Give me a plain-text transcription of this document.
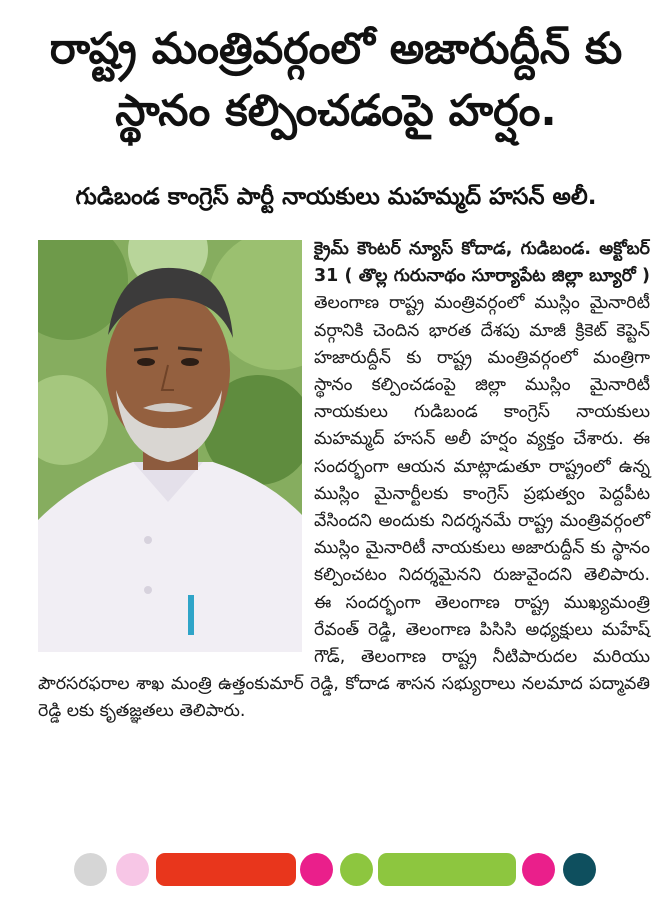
రాష్ట్ర మంత్రివర్గంలో అజారుద్దీన్ కు
స్థానం కల్పించడంపై హర్షం.
గుడిబండ కాంగ్రెస్ పార్టీ నాయకులు మహమ్మద్ హసన్ అలీ.
క్రైమ్ కౌంటర్ న్యూస్ కోదాడ, గుడిబండ. అక్టోబర్ 31 ( తొల్ల గురునాథం సూర్యాపేట జిల్లా బ్యూరో ) తెలంగాణ రాష్ట్ర మంత్రివర్గంలో ముస్లిం మైనారిటీ వర్గానికి చెందిన భారత దేశపు మాజీ క్రికెట్ కెప్టెన్ హజారుద్దీన్ కు రాష్ట్ర మంత్రివర్గంలో మంత్రిగా స్థానం కల్పించడంపై జిల్లా ముస్లిం మైనారిటీ నాయకులు గుడిబండ కాంగ్రెస్ నాయకులు మహమ్మద్ హసన్ అలీ హర్షం వ్యక్తం చేశారు. ఈ సందర్భంగా ఆయన మాట్లాడుతూ రాష్ట్రంలో ఉన్న ముస్లిం మైనార్టీలకు కాంగ్రెస్ ప్రభుత్వం పెద్దపీట వేసిందని అందుకు నిదర్శనమే రాష్ట్ర మంత్రివర్గంలో ముస్లిం మైనారిటీ నాయకులు అజారుద్దీన్ కు స్థానం కల్పించటం నిదర్శమైనని రుజువైందని తెలిపారు. ఈ సందర్భంగా తెలంగాణ రాష్ట్ర ముఖ్యమంత్రి రేవంత్ రెడ్డి, తెలంగాణ పిసిసి అధ్యక్షులు మహేష్ గౌడ్, తెలంగాణ రాష్ట్ర నీటిపారుదల మరియు పౌరసరఫరాల శాఖ మంత్రి ఉత్తంకుమార్ రెడ్డి, కోదాడ శాసన సభ్యురాలు నలమాద పద్మావతి రెడ్డి లకు కృతజ్ఞతలు తెలిపారు.
